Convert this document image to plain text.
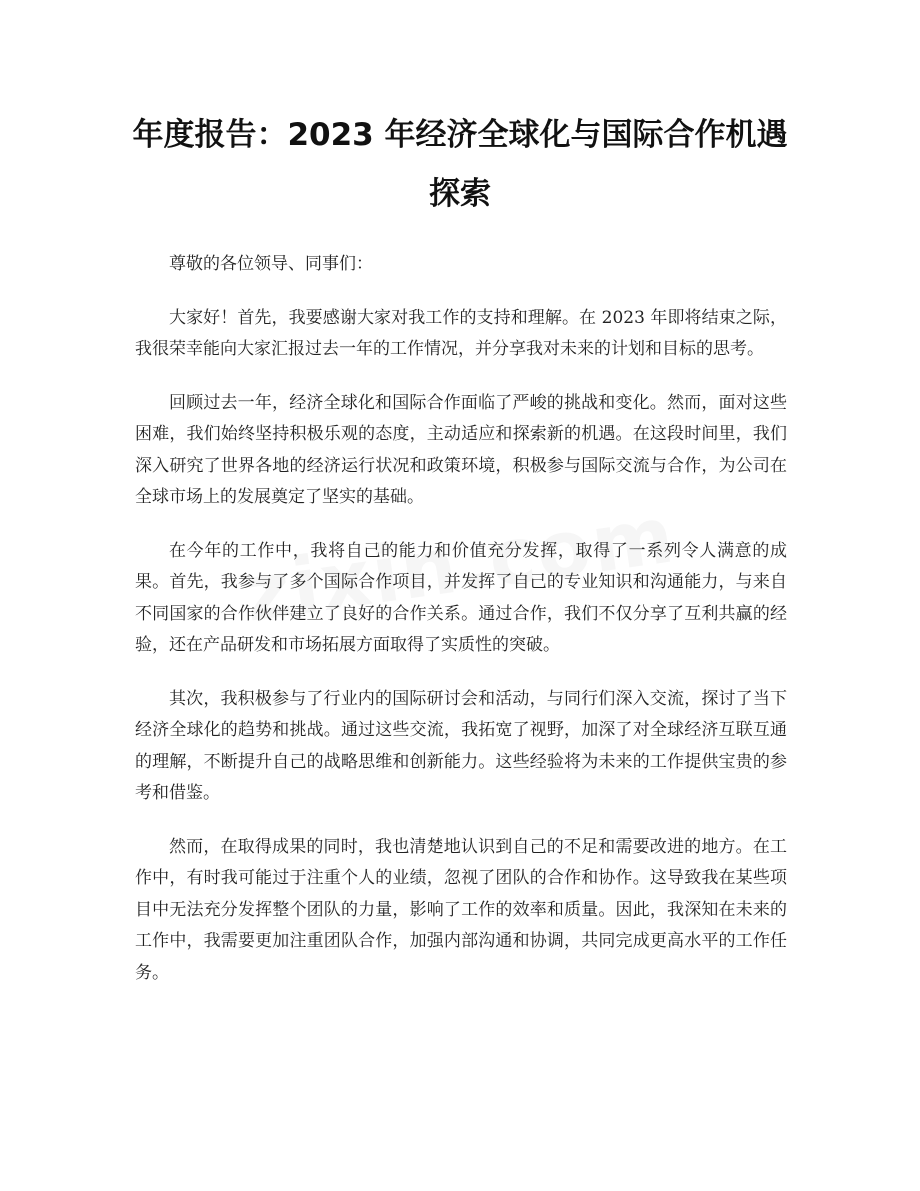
年度报告：2023 年经济全球化与国际合作机遇探索

尊敬的各位领导、同事们：

大家好！首先，我要感谢大家对我工作的支持和理解。在 2023 年即将结束之际，我很荣幸能向大家汇报过去一年的工作情况，并分享我对未来的计划和目标的思考。

回顾过去一年，经济全球化和国际合作面临了严峻的挑战和变化。然而，面对这些困难，我们始终坚持积极乐观的态度，主动适应和探索新的机遇。在这段时间里，我们深入研究了世界各地的经济运行状况和政策环境，积极参与国际交流与合作，为公司在全球市场上的发展奠定了坚实的基础。

在今年的工作中，我将自己的能力和价值充分发挥，取得了一系列令人满意的成果。首先，我参与了多个国际合作项目，并发挥了自己的专业知识和沟通能力，与来自不同国家的合作伙伴建立了良好的合作关系。通过合作，我们不仅分享了互利共赢的经验，还在产品研发和市场拓展方面取得了实质性的突破。

其次，我积极参与了行业内的国际研讨会和活动，与同行们深入交流，探讨了当下经济全球化的趋势和挑战。通过这些交流，我拓宽了视野，加深了对全球经济互联互通的理解，不断提升自己的战略思维和创新能力。这些经验将为未来的工作提供宝贵的参考和借鉴。

然而，在取得成果的同时，我也清楚地认识到自己的不足和需要改进的地方。在工作中，有时我可能过于注重个人的业绩，忽视了团队的合作和协作。这导致我在某些项目中无法充分发挥整个团队的力量，影响了工作的效率和质量。因此，我深知在未来的工作中，我需要更加注重团队合作，加强内部沟通和协调，共同完成更高水平的工作任务。
